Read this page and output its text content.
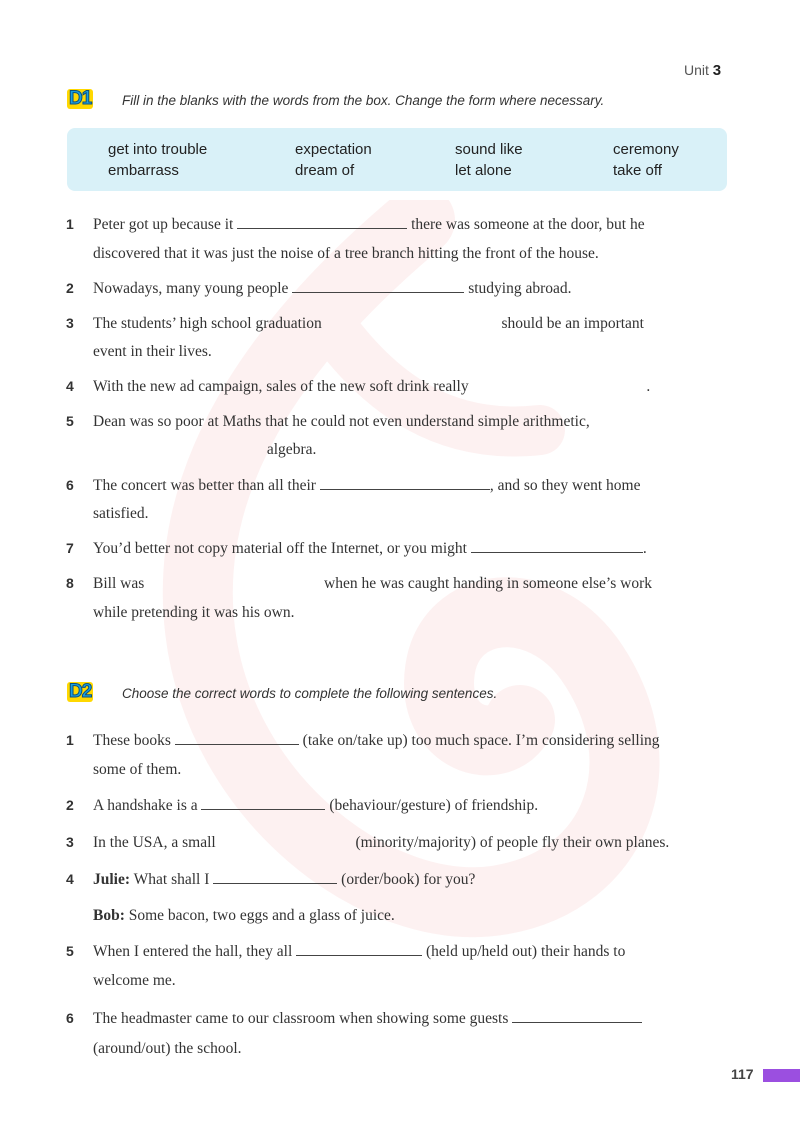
Unit 3
D1 Fill in the blanks with the words from the box. Change the form where necessary.
get into trouble	expectation	sound like	ceremony
embarrass	dream of	let alone	take off
1	Peter got up because it	there was someone at the door, but he
discovered that it was just the noise of a tree branch hitting the front of the house.
2	Nowadays, many young people	studying abroad.
3	The students’ high school graduation	should be an important
event in their lives.
4	With the new ad campaign, sales of the new soft drink really	.
5	Dean was so poor at Maths that he could not even understand simple arithmetic,
algebra.
6	The concert was better than all their	, and so they went home
satisfied.
7	You’d better not copy material off the Internet, or you might	.
8	Bill was	when he was caught handing in someone else’s work
while pretending it was his own.
D2 Choose the correct words to complete the following sentences.
1	These books	(take on/take up) too much space. I’m considering selling
some of them.
2	A handshake is a	(behaviour/gesture) of friendship.
3	In the USA, a small	(minority/majority) of people fly their own planes.
4	Julie: What shall I	(order/book) for you?
Bob: Some bacon, two eggs and a glass of juice.
5	When I entered the hall, they all	(held up/held out) their hands to
welcome me.
6	The headmaster came to our classroom when showing some guests
(around/out) the school.
117
